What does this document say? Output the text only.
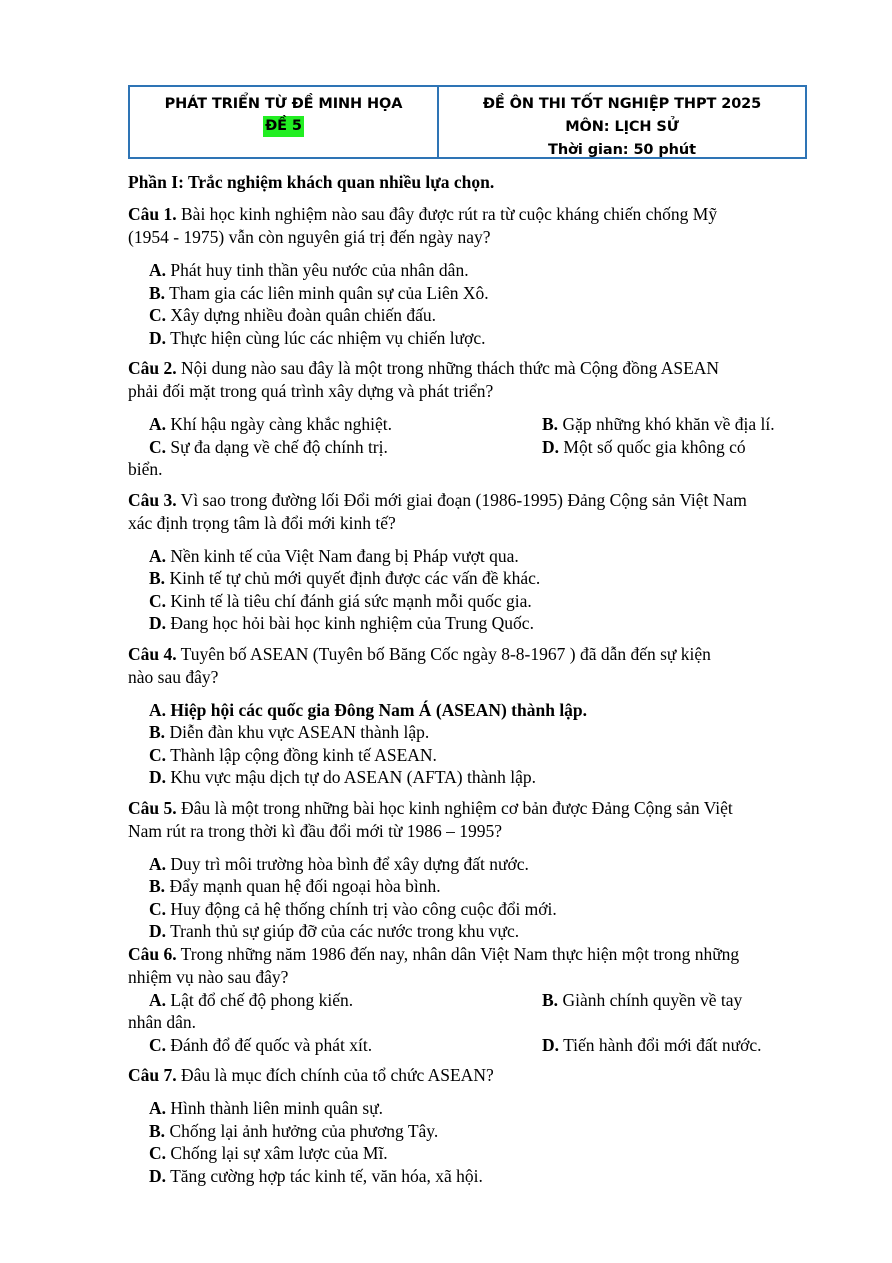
PHÁT TRIỂN TỪ ĐỀ MINH HỌA
ĐỀ 5
ĐỀ ÔN THI TỐT NGHIỆP THPT 2025
MÔN: LỊCH SỬ
Thời gian: 50 phút
Phần I: Trắc nghiệm khách quan nhiều lựa chọn.
Câu 1. Bài học kinh nghiệm nào sau đây được rút ra từ cuộc kháng chiến chống Mỹ
(1954 - 1975) vẫn còn nguyên giá trị đến ngày nay?
A. Phát huy tinh thần yêu nước của nhân dân.
B. Tham gia các liên minh quân sự của Liên Xô.
C. Xây dựng nhiều đoàn quân chiến đấu.
D. Thực hiện cùng lúc các nhiệm vụ chiến lược.
Câu 2. Nội dung nào sau đây là một trong những thách thức mà Cộng đồng ASEAN
phải đối mặt trong quá trình xây dựng và phát triển?
A. Khí hậu ngày càng khắc nghiệt.	B. Gặp những khó khăn về địa lí.
C. Sự đa dạng về chế độ chính trị.	D. Một số quốc gia không có
biển.
Câu 3. Vì sao trong đường lối Đổi mới giai đoạn (1986-1995) Đảng Cộng sản Việt Nam
xác định trọng tâm là đổi mới kinh tế?
A. Nền kinh tế của Việt Nam đang bị Pháp vượt qua.
B. Kinh tế tự chủ mới quyết định được các vấn đề khác.
C. Kinh tế là tiêu chí đánh giá sức mạnh mỗi quốc gia.
D. Đang học hỏi bài học kinh nghiệm của Trung Quốc.
Câu 4. Tuyên bố ASEAN (Tuyên bố Băng Cốc ngày 8-8-1967 ) đã dẫn đến sự kiện
nào sau đây?
A. Hiệp hội các quốc gia Đông Nam Á (ASEAN) thành lập.
B. Diễn đàn khu vực ASEAN thành lập.
C. Thành lập cộng đồng kinh tế ASEAN.
D. Khu vực mậu dịch tự do ASEAN (AFTA) thành lập.
Câu 5. Đâu là một trong những bài học kinh nghiệm cơ bản được Đảng Cộng sản Việt
Nam rút ra trong thời kì đầu đổi mới từ 1986 – 1995?
A. Duy trì môi trường hòa bình để xây dựng đất nước.
B. Đẩy mạnh quan hệ đối ngoại hòa bình.
C. Huy động cả hệ thống chính trị vào công cuộc đổi mới.
D. Tranh thủ sự giúp đỡ của các nước trong khu vực.
Câu 6. Trong những năm 1986 đến nay, nhân dân Việt Nam thực hiện một trong những
nhiệm vụ nào sau đây?
A. Lật đổ chế độ phong kiến.	B. Giành chính quyền về tay
nhân dân.
C. Đánh đổ đế quốc và phát xít.	D. Tiến hành đổi mới đất nước.
Câu 7. Đâu là mục đích chính của tổ chức ASEAN?
A. Hình thành liên minh quân sự.
B. Chống lại ảnh hưởng của phương Tây.
C. Chống lại sự xâm lược của Mĩ.
D. Tăng cường hợp tác kinh tế, văn hóa, xã hội.
